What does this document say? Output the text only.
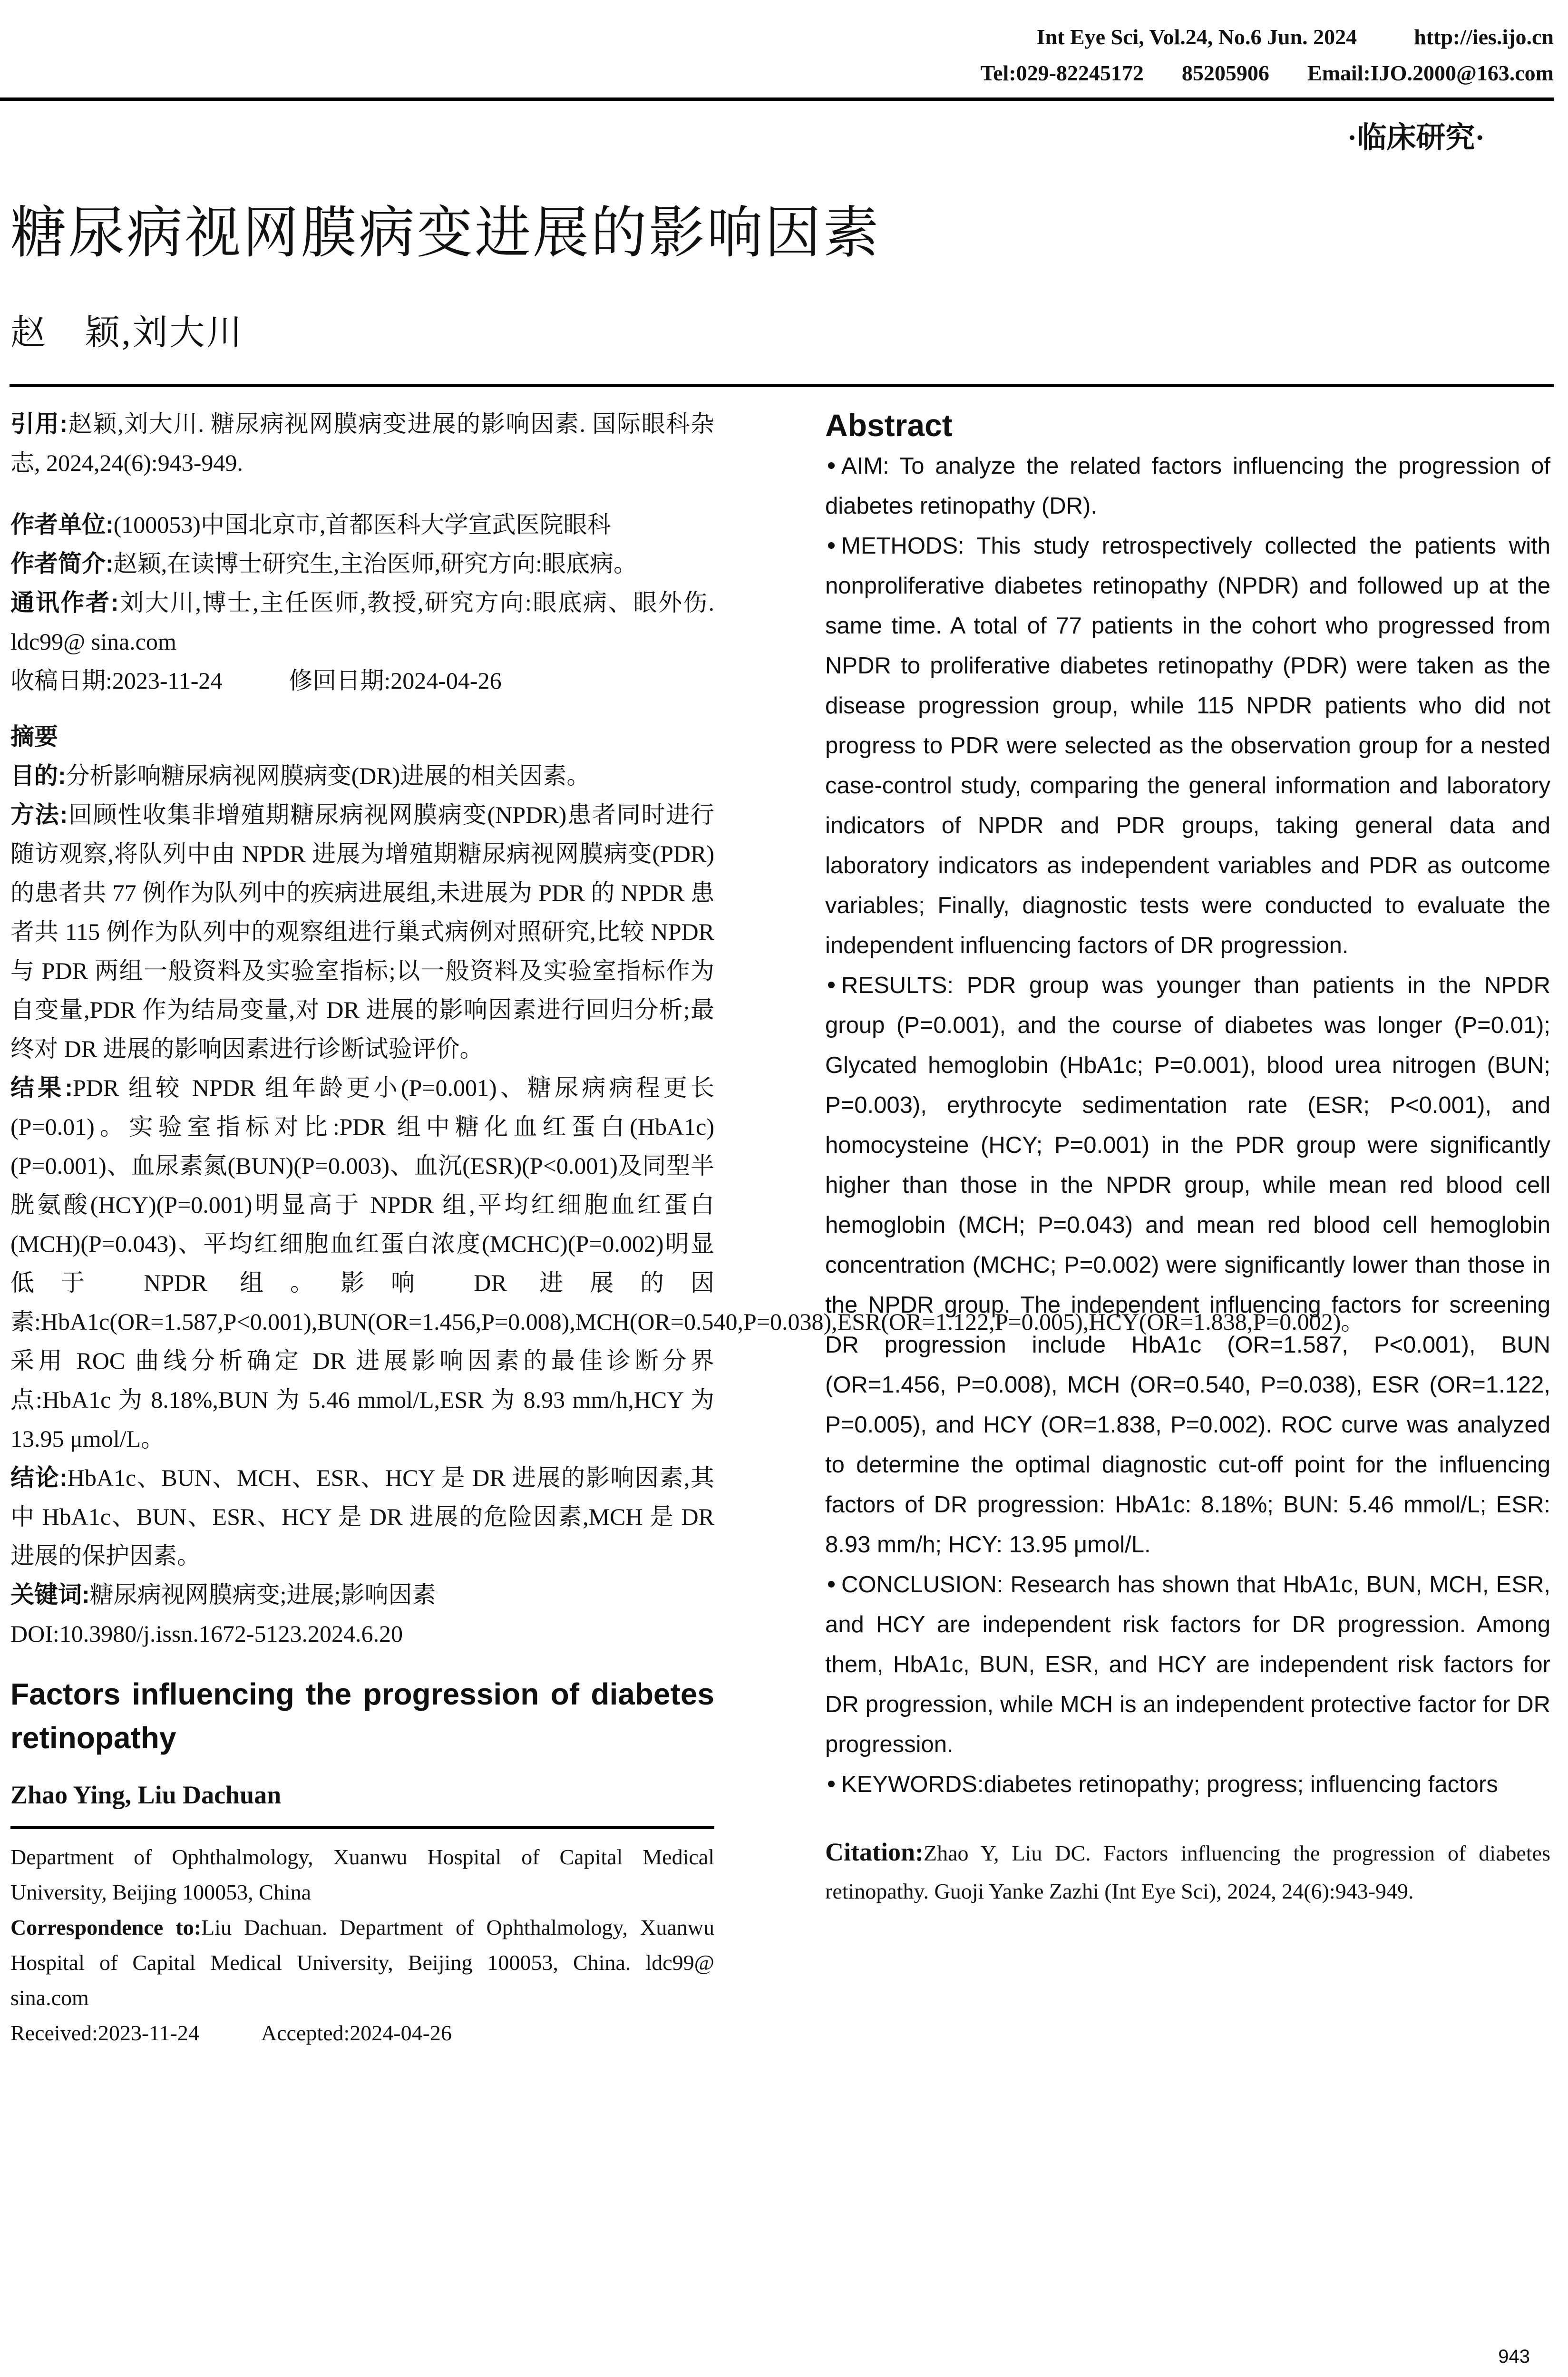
Int Eye Sci, Vol.24, No.6 Jun. 2024	http://ies.ijo.cn
Tel:029-82245172 85205906 Email:IJO.2000@163.com
·临床研究·
糖尿病视网膜病变进展的影响因素
赵　颖,刘大川

引用:赵颖,刘大川. 糖尿病视网膜病变进展的影响因素. 国际眼科杂志, 2024,24(6):943-949.

作者单位:(100053)中国北京市,首都医科大学宣武医院眼科

作者简介:赵颖,在读博士研究生,主治医师,研究方向:眼底病。

通讯作者:刘大川,博士,主任医师,教授,研究方向:眼底病、眼外伤. ldc99@ sina.com

收稿日期:2023-11-24	修回日期:2024-04-26

摘要

目的:分析影响糖尿病视网膜病变(DR)进展的相关因素。

方法:回顾性收集非增殖期糖尿病视网膜病变(NPDR)患者同时进行随访观察,将队列中由 NPDR 进展为增殖期糖尿病视网膜病变(PDR)的患者共 77 例作为队列中的疾病进展组,未进展为 PDR 的 NPDR 患者共 115 例作为队列中的观察组进行巢式病例对照研究,比较 NPDR 与 PDR 两组一般资料及实验室指标;以一般资料及实验室指标作为自变量,PDR 作为结局变量,对 DR 进展的影响因素进行回归分析;最终对 DR 进展的影响因素进行诊断试验评价。

结果:PDR 组较 NPDR 组年龄更小(P=0.001)、糖尿病病程更长(P=0.01)。实验室指标对比:PDR 组中糖化血红蛋白(HbA1c)(P=0.001)、血尿素氮(BUN)(P=0.003)、血沉(ESR)(P<0.001)及同型半胱氨酸(HCY)(P=0.001)明显高于 NPDR 组,平均红细胞血红蛋白(MCH)(P=0.043)、平均红细胞血红蛋白浓度(MCHC)(P=0.002)明显低于 NPDR 组。影响 DR 进展的因素:HbA1c(OR=1.587,P<0.001),BUN(OR=1.456,P=0.008),MCH(OR=0.540,P=0.038),ESR(OR=1.122,P=0.005),HCY(OR=1.838,P=0.002)。采用 ROC 曲线分析确定 DR 进展影响因素的最佳诊断分界点:HbA1c 为 8.18%,BUN 为 5.46 mmol/L,ESR 为 8.93 mm/h,HCY 为 13.95 μmol/L。

结论:HbA1c、BUN、MCH、ESR、HCY 是 DR 进展的影响因素,其中 HbA1c、BUN、ESR、HCY 是 DR 进展的危险因素,MCH 是 DR 进展的保护因素。

关键词:糖尿病视网膜病变;进展;影响因素

DOI:10.3980/j.issn.1672-5123.2024.6.20

Factors influencing the progression of diabetes retinopathy
Zhao Ying, Liu Dachuan

Department of Ophthalmology, Xuanwu Hospital of Capital Medical University, Beijing 100053, China

Correspondence to:Liu Dachuan. Department of Ophthalmology, Xuanwu Hospital of Capital Medical University, Beijing 100053, China. ldc99@ sina.com

Received:2023-11-24	Accepted:2024-04-26

Abstract

AIM: To analyze the related factors influencing the progression of diabetes retinopathy (DR).

METHODS: This study retrospectively collected the patients with nonproliferative diabetes retinopathy (NPDR) and followed up at the same time. A total of 77 patients in the cohort who progressed from NPDR to proliferative diabetes retinopathy (PDR) were taken as the disease progression group, while 115 NPDR patients who did not progress to PDR were selected as the observation group for a nested case-control study, comparing the general information and laboratory indicators of NPDR and PDR groups, taking general data and laboratory indicators as independent variables and PDR as outcome variables; Finally, diagnostic tests were conducted to evaluate the independent influencing factors of DR progression.

RESULTS: PDR group was younger than patients in the NPDR group (P=0.001), and the course of diabetes was longer (P=0.01); Glycated hemoglobin (HbA1c; P=0.001), blood urea nitrogen (BUN; P=0.003), erythrocyte sedimentation rate (ESR; P<0.001), and homocysteine (HCY; P=0.001) in the PDR group were significantly higher than those in the NPDR group, while mean red blood cell hemoglobin (MCH; P=0.043) and mean red blood cell hemoglobin concentration (MCHC; P=0.002) were significantly lower than those in the NPDR group. The independent influencing factors for screening DR progression include HbA1c (OR=1.587, P<0.001), BUN (OR=1.456, P=0.008), MCH (OR=0.540, P=0.038), ESR (OR=1.122, P=0.005), and HCY (OR=1.838, P=0.002). ROC curve was analyzed to determine the optimal diagnostic cut-off point for the influencing factors of DR progression: HbA1c: 8.18%; BUN: 5.46 mmol/L; ESR: 8.93 mm/h; HCY: 13.95 μmol/L.

CONCLUSION: Research has shown that HbA1c, BUN, MCH, ESR, and HCY are independent risk factors for DR progression. Among them, HbA1c, BUN, ESR, and HCY are independent risk factors for DR progression, while MCH is an independent protective factor for DR progression.

KEYWORDS:diabetes retinopathy; progress; influencing factors

Citation:Zhao Y, Liu DC. Factors influencing the progression of diabetes retinopathy. Guoji Yanke Zazhi (Int Eye Sci), 2024, 24(6):943-949.

943
